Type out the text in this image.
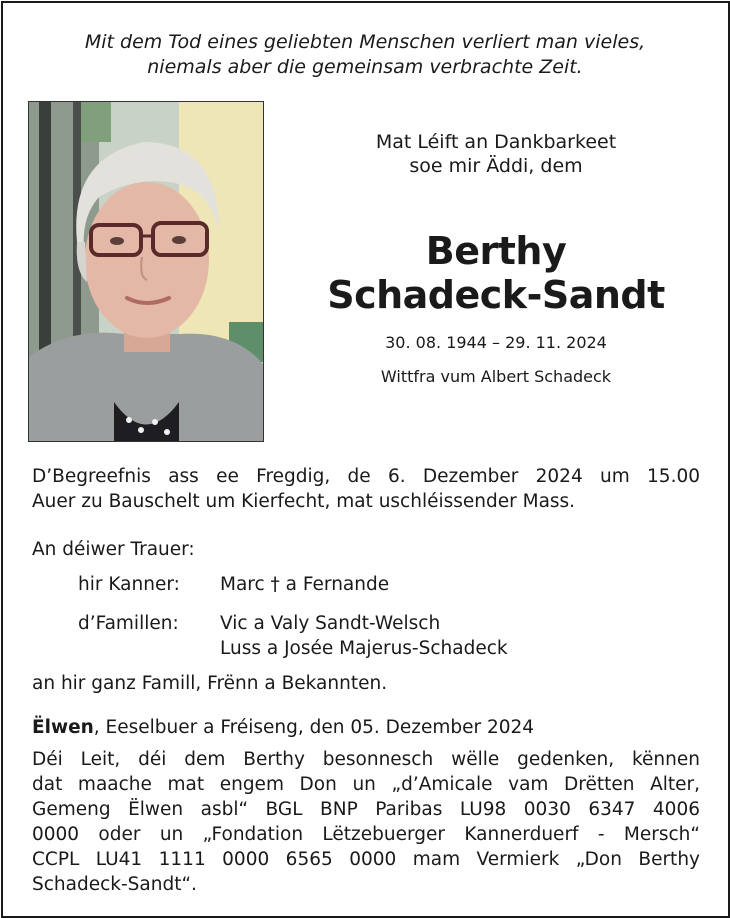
Mit dem Tod eines geliebten Menschen verliert man vieles,
niemals aber die gemeinsam verbrachte Zeit.
Mat Léift an Dankbarkeet
soe mir Äddi, dem
Berthy
Schadeck-Sandt
30. 08. 1944 – 29. 11. 2024
Wittfra vum Albert Schadeck
D’Begreefnis ass ee Fregdig, de 6. Dezember 2024 um 15.00
Auer zu Bauschelt um Kierfecht, mat uschléissender Mass.
An déiwer Trauer:
hir Kanner: Marc † a Fernande
d’Famillen: Vic a Valy Sandt-Welsch
Luss a Josée Majerus-Schadeck
an hir ganz Famill, Frënn a Bekannten.
Ëlwen, Eeselbuer a Fréiseng, den 05. Dezember 2024
Déi Leit, déi dem Berthy besonnesch wëlle gedenken, kënnen
dat maache mat engem Don un „d’Amicale vam Drëtten Alter,
Gemeng Ëlwen asbl“ BGL BNP Paribas LU98 0030 6347 4006
0000 oder un „Fondation Lëtzebuerger Kannerduerf - Mersch“
CCPL LU41 1111 0000 6565 0000 mam Vermierk „Don Berthy
Schadeck-Sandt“.
